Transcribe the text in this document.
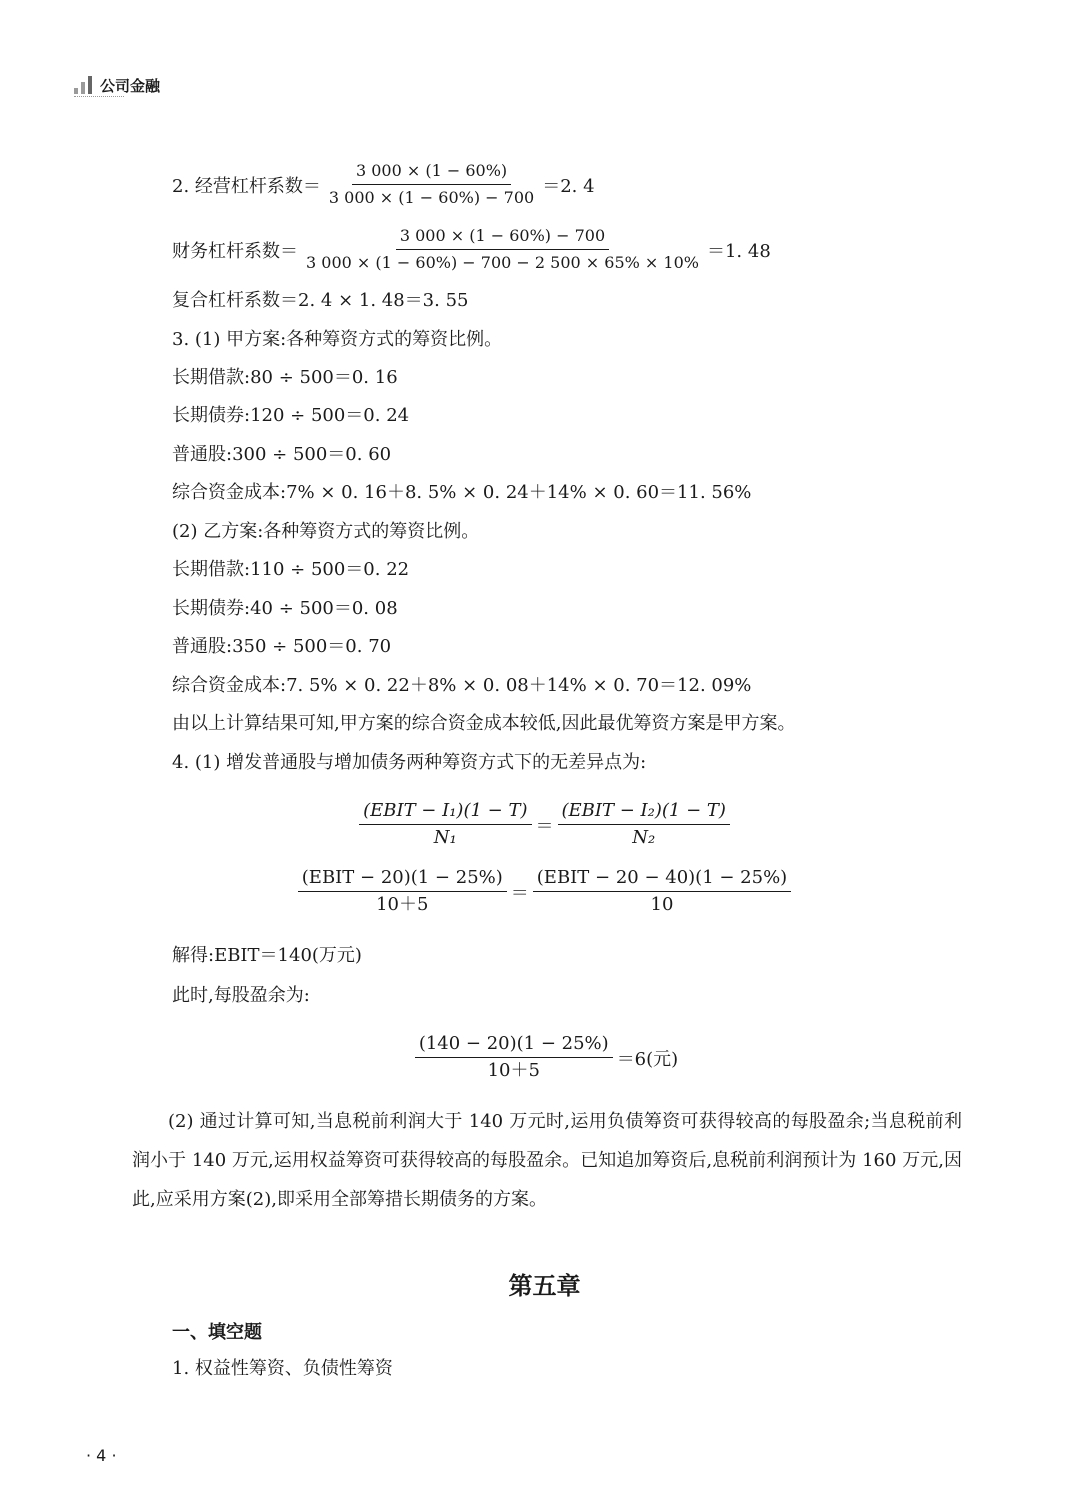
公司金融
2. 经营杠杆系数＝ $\frac{3 000 \times (1 - 60\%)}{3 000 \times (1 - 60\%) - 700} =2$. 4
财务杠杆系数＝ $\frac{3 000 \times (1 - 60\%) - 700}{3 000 \times (1 - 60\%) - 700 - 2 500 \times 65\% \times 10\%} =1$. 48
复合杠杆系数＝2. 4 × 1. 48＝3. 55
3. (1) 甲方案:各种筹资方式的筹资比例。
长期借款:80 ÷ 500＝0. 16
长期债券:120 ÷ 500＝0. 24
普通股:300 ÷ 500＝0. 60
综合资金成本:7% × 0. 16＋8. 5% × 0. 24＋14% × 0. 60＝11. 56%
(2) 乙方案:各种筹资方式的筹资比例。
长期借款:110 ÷ 500＝0. 22
长期债券:40 ÷ 500＝0. 08
普通股:350 ÷ 500＝0. 70
综合资金成本:7. 5% × 0. 22＋8% × 0. 08＋14% × 0. 70＝12. 09%
由以上计算结果可知,甲方案的综合资金成本较低,因此最优筹资方案是甲方案。
4. (1) 增发普通股与增加债务两种筹资方式下的无差异点为:
$\frac{\text{(EBIT − I₁)(1 − T)}}{\text{N₁}} = \frac{\text{(EBIT − I₂)(1 − T)}}{\text{N₂}}$
$\frac{\text{(EBIT − 20)(1 − 25\%)}}{10+5} = \frac{\text{(EBIT − 20 − 40)(1 − 25\%)}}{10}$
解得:EBIT＝140(万元)
此时,每股盈余为:
$\frac{(140 - 20)(1 - 25\%)}{10+5} =6$(元)
(2) 通过计算可知,当息税前利润大于 140 万元时,运用负债筹资可获得较高的每股盈余;当息税前利润小于 140 万元,运用权益筹资可获得较高的每股盈余。已知追加筹资后,息税前利润预计为 160 万元,因此,应采用方案(2),即采用全部筹措长期债务的方案。
第五章
一、填空题
1. 权益性筹资、负债性筹资
· 4 ·
